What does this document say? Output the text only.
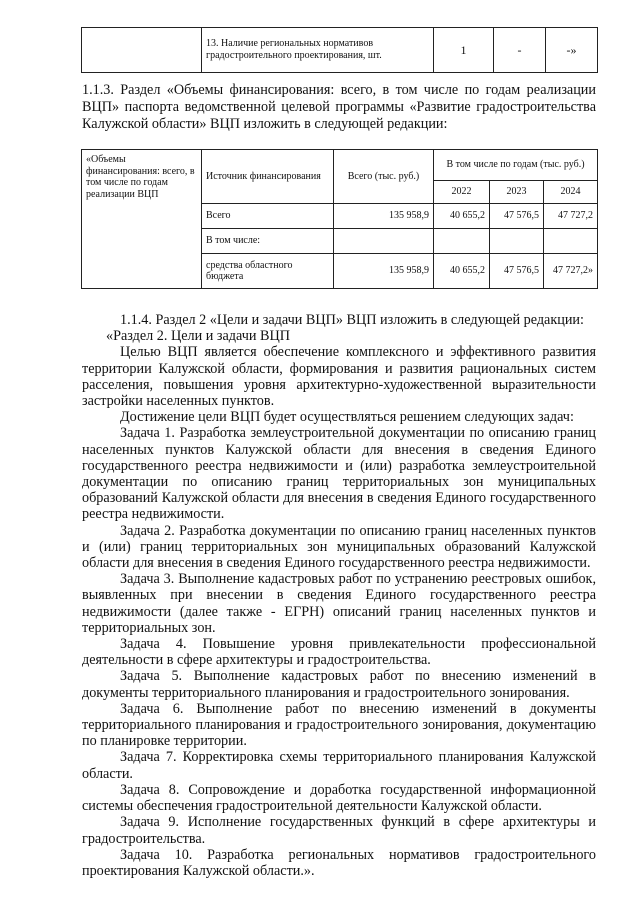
	13. Наличие региональных нормативов градостроительного проектирования, шт.	1	-	-»

1.1.3. Раздел «Объемы финансирования: всего, в том числе по годам реализации ВЦП» паспорта ведомственной целевой программы «Развитие градостроительства Калужской области» ВЦП изложить в следующей редакции:

«Объемы финансирования: всего, в том числе по годам реализации ВЦП	Источник финансирования	Всего (тыс. руб.)	В том числе по годам (тыс. руб.)		
			2022	2023	2024
	Всего	135 958,9	40 655,2	47 576,5	47 727,2
	В том числе:				
	средства областного бюджета	135 958,9	40 655,2	47 576,5	47 727,2»

1.1.4. Раздел 2 «Цели и задачи ВЦП» ВЦП изложить в следующей редакции:

«Раздел 2. Цели и задачи ВЦП

Целью ВЦП является обеспечение комплексного и эффективного развития территории Калужской области, формирования и развития рациональных систем расселения, повышения уровня архитектурно-художественной выразительности застройки населенных пунктов.

Достижение цели ВЦП будет осуществляться решением следующих задач:

Задача 1. Разработка землеустроительной документации по описанию границ населенных пунктов Калужской области для внесения в сведения Единого государственного реестра недвижимости и (или) разработка землеустроительной документации по описанию границ территориальных зон муниципальных образований Калужской области для внесения в сведения Единого государственного реестра недвижимости.

Задача 2. Разработка документации по описанию границ населенных пунктов и (или) границ территориальных зон муниципальных образований Калужской области для внесения в сведения Единого государственного реестра недвижимости.

Задача 3. Выполнение кадастровых работ по устранению реестровых ошибок, выявленных при внесении в сведения Единого государственного реестра недвижимости (далее также - ЕГРН) описаний границ населенных пунктов и территориальных зон.

Задача 4. Повышение уровня привлекательности профессиональной деятельности в сфере архитектуры и градостроительства.

Задача 5. Выполнение кадастровых работ по внесению изменений в документы территориального планирования и градостроительного зонирования.

Задача 6. Выполнение работ по внесению изменений в документы территориального планирования и градостроительного зонирования, документацию по планировке территории.

Задача 7. Корректировка схемы территориального планирования Калужской области.

Задача 8. Сопровождение и доработка государственной информационной системы обеспечения градостроительной деятельности Калужской области.

Задача 9. Исполнение государственных функций в сфере архитектуры и градостроительства.

Задача 10. Разработка региональных нормативов градостроительного проектирования Калужской области.».
